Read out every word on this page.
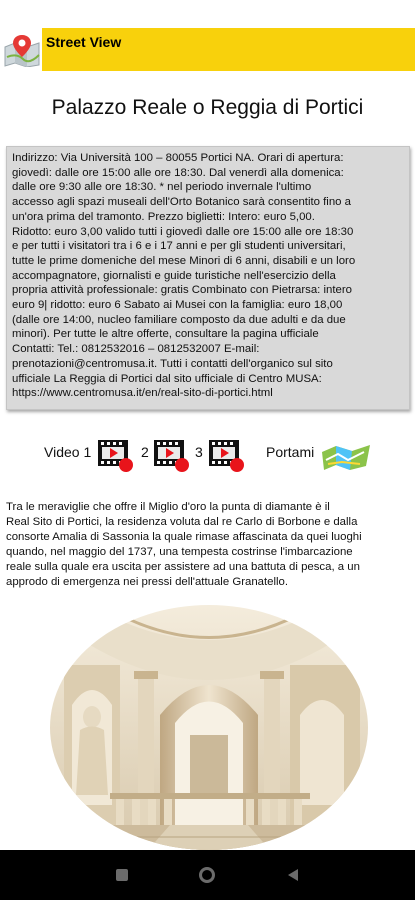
Street View
Palazzo Reale o Reggia di Portici
Indirizzo: Via Università 100 – 80055 Portici NA. Orari di apertura:
giovedì: dalle ore 15:00 alle ore 18:30. Dal venerdì alla domenica:
dalle ore 9:30 alle ore 18:30. * nel periodo invernale l'ultimo
accesso agli spazi museali dell'Orto Botanico sarà consentito fino a
un'ora prima del tramonto. Prezzo biglietti: Intero: euro 5,00.
Ridotto: euro 3,00 valido tutti i giovedì dalle ore 15:00 alle ore 18:30
e per tutti i visitatori tra i 6 e i 17 anni e per gli studenti universitari,
tutte le prime domeniche del mese Minori di 6 anni, disabili e un loro
accompagnatore, giornalisti e guide turistiche nell'esercizio della
propria attività professionale: gratis Combinato con Pietrarsa: intero
euro 9| ridotto: euro 6 Sabato ai Musei con la famiglia: euro 18,00
(dalle ore 14:00, nucleo familiare composto da due adulti e da due
minori). Per tutte le altre offerte, consultare la pagina ufficiale
Contatti: Tel.: 0812532016 – 0812532007 E-mail:
prenotazioni@centromusa.it. Tutti i contatti dell'organico sul sito
ufficiale La Reggia di Portici dal sito ufficiale di Centro MUSA:
https://www.centromusa.it/en/real-sito-di-portici.html
Video 1	2	3	Portami
Tra le meraviglie che offre il Miglio d'oro la punta di diamante è il
Real Sito di Portici, la residenza voluta dal re Carlo di Borbone e dalla
consorte Amalia di Sassonia la quale rimase affascinata da quei luoghi
quando, nel maggio del 1737, una tempesta costrinse l'imbarcazione
reale sulla quale era uscita per assistere ad una battuta di pesca, a un
approdo di emergenza nei pressi dell'attuale Granatello.
